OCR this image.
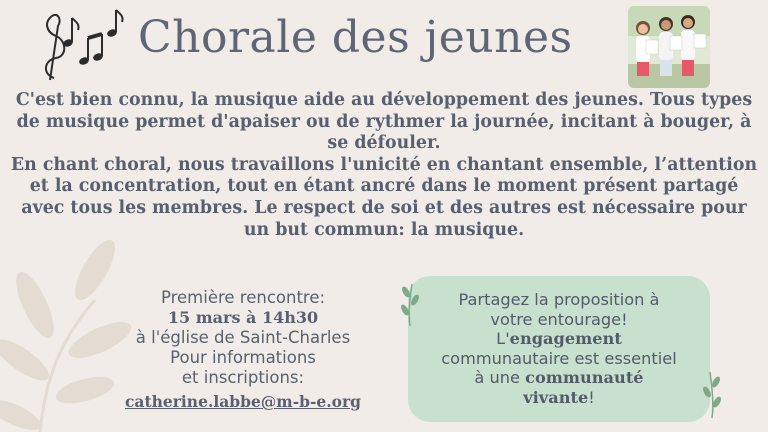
Chorale des jeunes

C'est bien connu, la musique aide au développement des jeunes. Tous types de musique permet d'apaiser ou de rythmer la journée, incitant à bouger, à se défouler.

En chant choral, nous travaillons l'unicité en chantant ensemble, l’attention et la concentration, tout en étant ancré dans le moment présent partagé avec tous les membres. Le respect de soi et des autres est nécessaire pour un but commun: la musique.

Première rencontre:
15 mars à 14h30
à l'église de Saint-Charles
Pour informations
et inscriptions:
catherine.labbe@m-b-e.org
Partagez la proposition à
votre entourage!
L'engagement
communautaire est essentiel
à une communauté
vivante!
